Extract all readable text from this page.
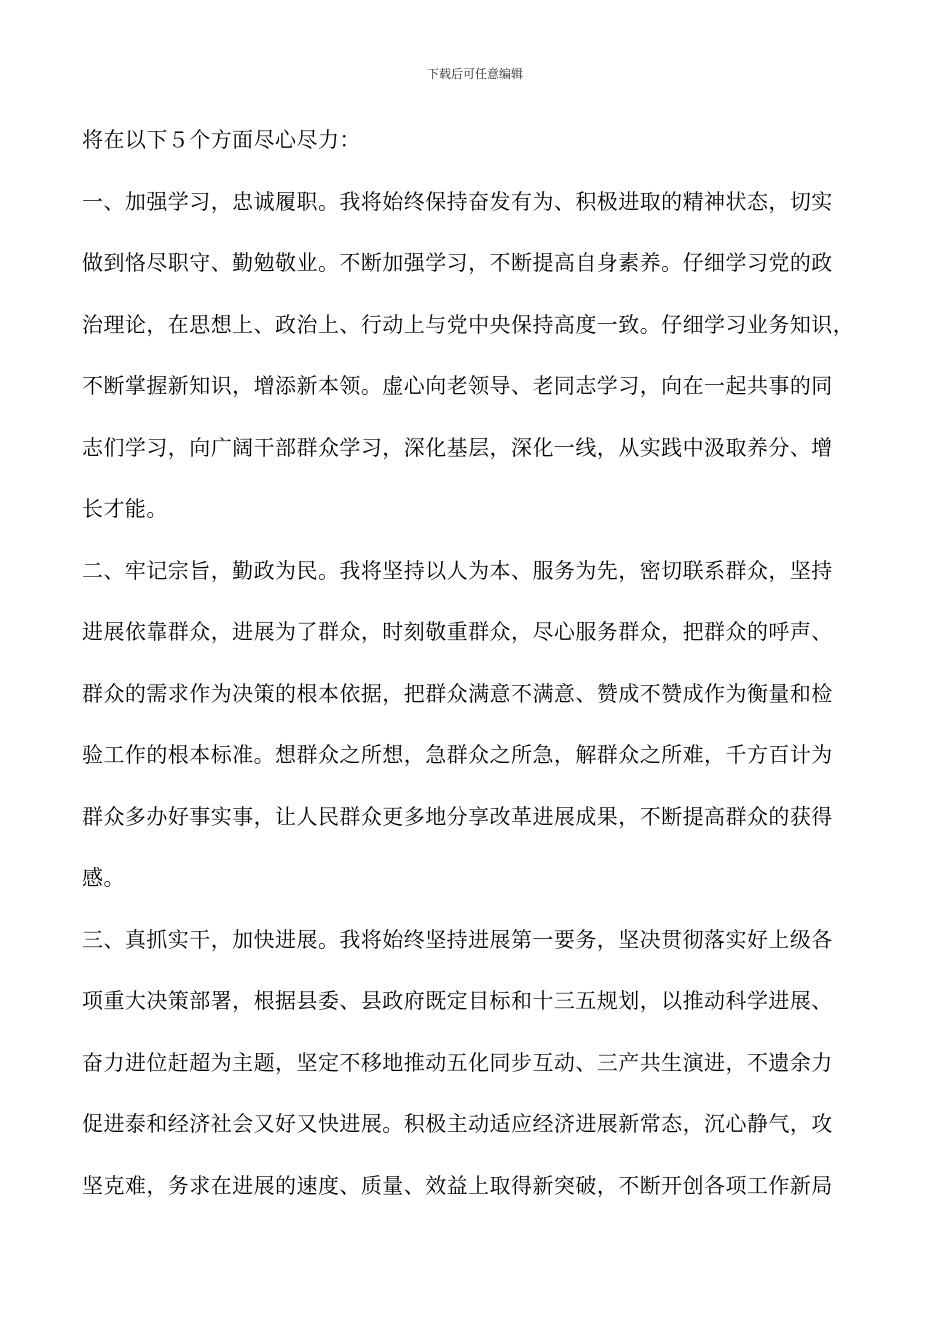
下载后可任意编辑
将在以下５个方面尽心尽力：
一、加强学习，忠诚履职。我将始终保持奋发有为、积极进取的精神状态，切实
做到恪尽职守、勤勉敬业。不断加强学习，不断提高自身素养。仔细学习党的政
治理论，在思想上、政治上、行动上与党中央保持高度一致。仔细学习业务知识，
不断掌握新知识，增添新本领。虚心向老领导、老同志学习，向在一起共事的同
志们学习，向广阔干部群众学习，深化基层，深化一线，从实践中汲取养分、增
长才能。
二、牢记宗旨，勤政为民。我将坚持以人为本、服务为先，密切联系群众，坚持
进展依靠群众，进展为了群众，时刻敬重群众，尽心服务群众，把群众的呼声、
群众的需求作为决策的根本依据，把群众满意不满意、赞成不赞成作为衡量和检
验工作的根本标准。想群众之所想，急群众之所急，解群众之所难，千方百计为
群众多办好事实事，让人民群众更多地分享改革进展成果，不断提高群众的获得
感。
三、真抓实干，加快进展。我将始终坚持进展第一要务，坚决贯彻落实好上级各
项重大决策部署，根据县委、县政府既定目标和十三五规划，以推动科学进展、
奋力进位赶超为主题，坚定不移地推动五化同步互动、三产共生演进，不遗余力
促进泰和经济社会又好又快进展。积极主动适应经济进展新常态，沉心静气，攻
坚克难，务求在进展的速度、质量、效益上取得新突破，不断开创各项工作新局
